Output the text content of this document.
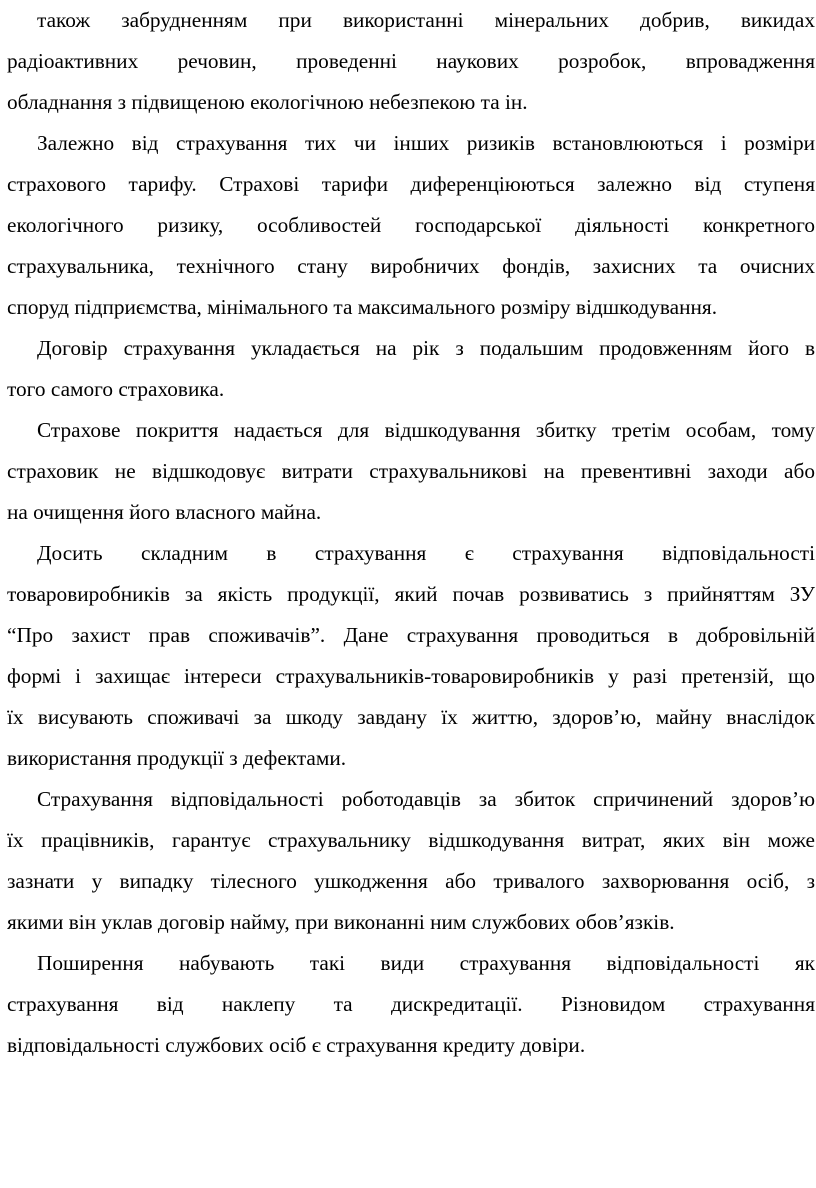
також забрудненням при використанні мінеральних добрив, викидах
радіоактивних речовин, проведенні наукових розробок, впровадження
обладнання з підвищеною екологічною небезпекою та ін.
Залежно від страхування тих чи інших ризиків встановлюються і розміри
страхового тарифу. Страхові тарифи диференціюються залежно від ступеня
екологічного ризику, особливостей господарської діяльності конкретного
страхувальника, технічного стану виробничих фондів, захисних та очисних
споруд підприємства, мінімального та максимального розміру відшкодування.
Договір страхування укладається на рік з подальшим продовженням його в
того самого страховика.
Страхове покриття надається для відшкодування збитку третім особам, тому
страховик не відшкодовує витрати страхувальникові на превентивні заходи або
на очищення його власного майна.
Досить складним в страхування є страхування відповідальності
товаровиробників за якість продукції, який почав розвиватись з прийняттям ЗУ
“Про захист прав споживачів”. Дане страхування проводиться в добровільній
формі і захищає інтереси страхувальників-товаровиробників у разі претензій, що
їх висувають споживачі за шкоду завдану їх життю, здоров’ю, майну внаслідок
використання продукції з дефектами.
Страхування відповідальності роботодавців за збиток спричинений здоров’ю
їх працівників, гарантує страхувальнику відшкодування витрат, яких він може
зазнати у випадку тілесного ушкодження або тривалого захворювання осіб, з
якими він уклав договір найму, при виконанні ним службових обов’язків.
Поширення набувають такі види страхування відповідальності як
страхування від наклепу та дискредитації. Різновидом страхування
відповідальності службових осіб є страхування кредиту довіри.
